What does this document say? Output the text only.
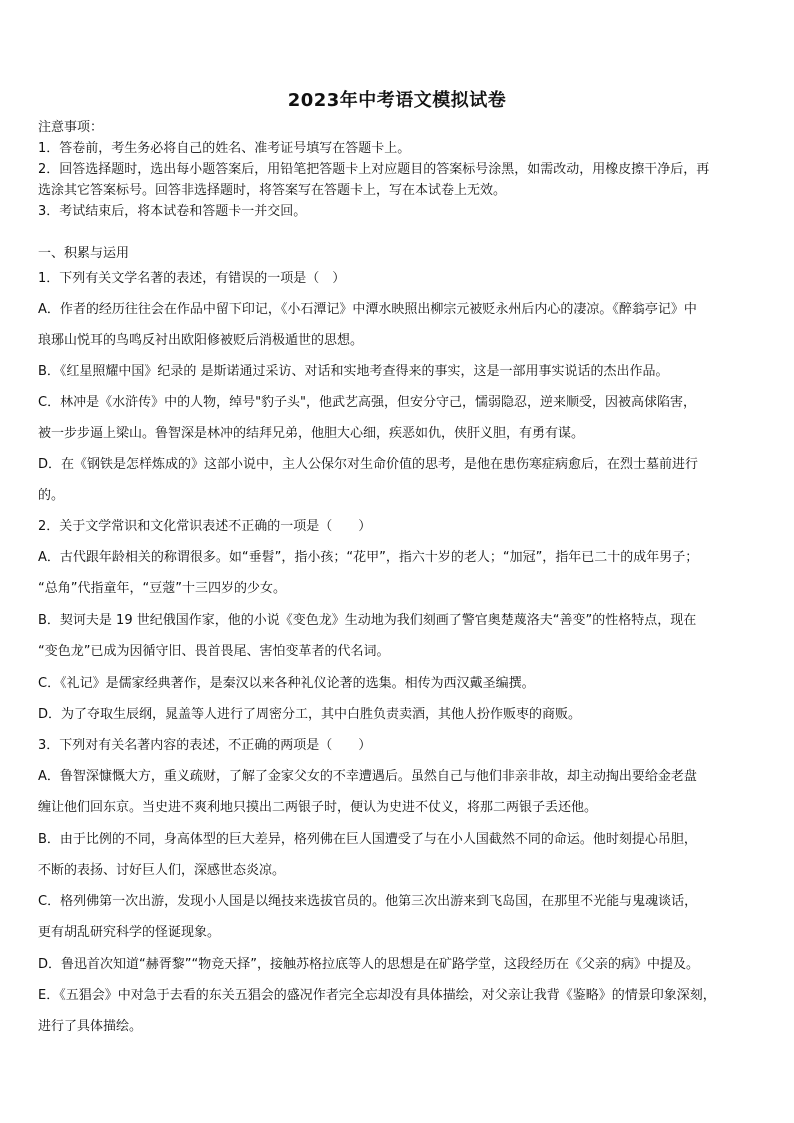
2023年中考语文模拟试卷
注意事项：
1．答卷前，考生务必将自己的姓名、准考证号填写在答题卡上。
2．回答选择题时，选出每小题答案后，用铅笔把答题卡上对应题目的答案标号涂黑，如需改动，用橡皮擦干净后，再
选涂其它答案标号。回答非选择题时，将答案写在答题卡上，写在本试卷上无效。
3．考试结束后，将本试卷和答题卡一并交回。
一、积累与运用
1．下列有关文学名著的表述，有错误的一项是（　）
A．作者的经历往往会在作品中留下印记，《小石潭记》中潭水映照出柳宗元被贬永州后内心的凄凉。《醉翁亭记》中
琅琊山悦耳的鸟鸣反衬出欧阳修被贬后消极遁世的思想。
B．《红星照耀中国》纪录的 是斯诺通过采访、对话和实地考查得来的事实，这是一部用事实说话的杰出作品。
C．林冲是《水浒传》中的人物，绰号"豹子头"，他武艺高强，但安分守己，懦弱隐忍，逆来顺受，因被高俅陷害，
被一步步逼上梁山。鲁智深是林冲的结拜兄弟，他胆大心细，疾恶如仇，侠肝义胆，有勇有谋。
D．在《钢铁是怎样炼成的》这部小说中，主人公保尔对生命价值的思考，是他在患伤寒症病愈后，在烈士墓前进行
的。
2．关于文学常识和文化常识表述不正确的一项是（　　）
A．古代跟年龄相关的称谓很多。如“垂髫”，指小孩；“花甲”，指六十岁的老人；“加冠”，指年已二十的成年男子；
“总角”代指童年，“豆蔻”十三四岁的少女。
B．契诃夫是 19 世纪俄国作家，他的小说《变色龙》生动地为我们刻画了警官奥楚蔑洛夫“善变”的性格特点，现在
“变色龙”已成为因循守旧、畏首畏尾、害怕变革者的代名词。
C．《礼记》是儒家经典著作，是秦汉以来各种礼仪论著的选集。相传为西汉戴圣编撰。
D．为了夺取生辰纲，晁盖等人进行了周密分工，其中白胜负责卖酒，其他人扮作贩枣的商贩。
3．下列对有关名著内容的表述，不正确的两项是（　　）
A．鲁智深慷慨大方，重义疏财，了解了金家父女的不幸遭遇后。虽然自己与他们非亲非故，却主动掏出要给金老盘
缠让他们回东京。当史进不爽利地只摸出二两银子时，便认为史进不仗义，将那二两银子丢还他。
B．由于比例的不同，身高体型的巨大差异，格列佛在巨人国遭受了与在小人国截然不同的命运。他时刻提心吊胆，
不断的表扬、讨好巨人们，深感世态炎凉。
C．格列佛第一次出游，发现小人国是以绳技来选拔官员的。他第三次出游来到飞岛国，在那里不光能与鬼魂谈话，
更有胡乱研究科学的怪诞现象。
D．鲁迅首次知道“赫胥黎”“物竞天择”，接触苏格拉底等人的思想是在矿路学堂，这段经历在《父亲的病》中提及。
E．《五猖会》中对急于去看的东关五猖会的盛况作者完全忘却没有具体描绘，对父亲让我背《鉴略》的情景印象深刻，
进行了具体描绘。
